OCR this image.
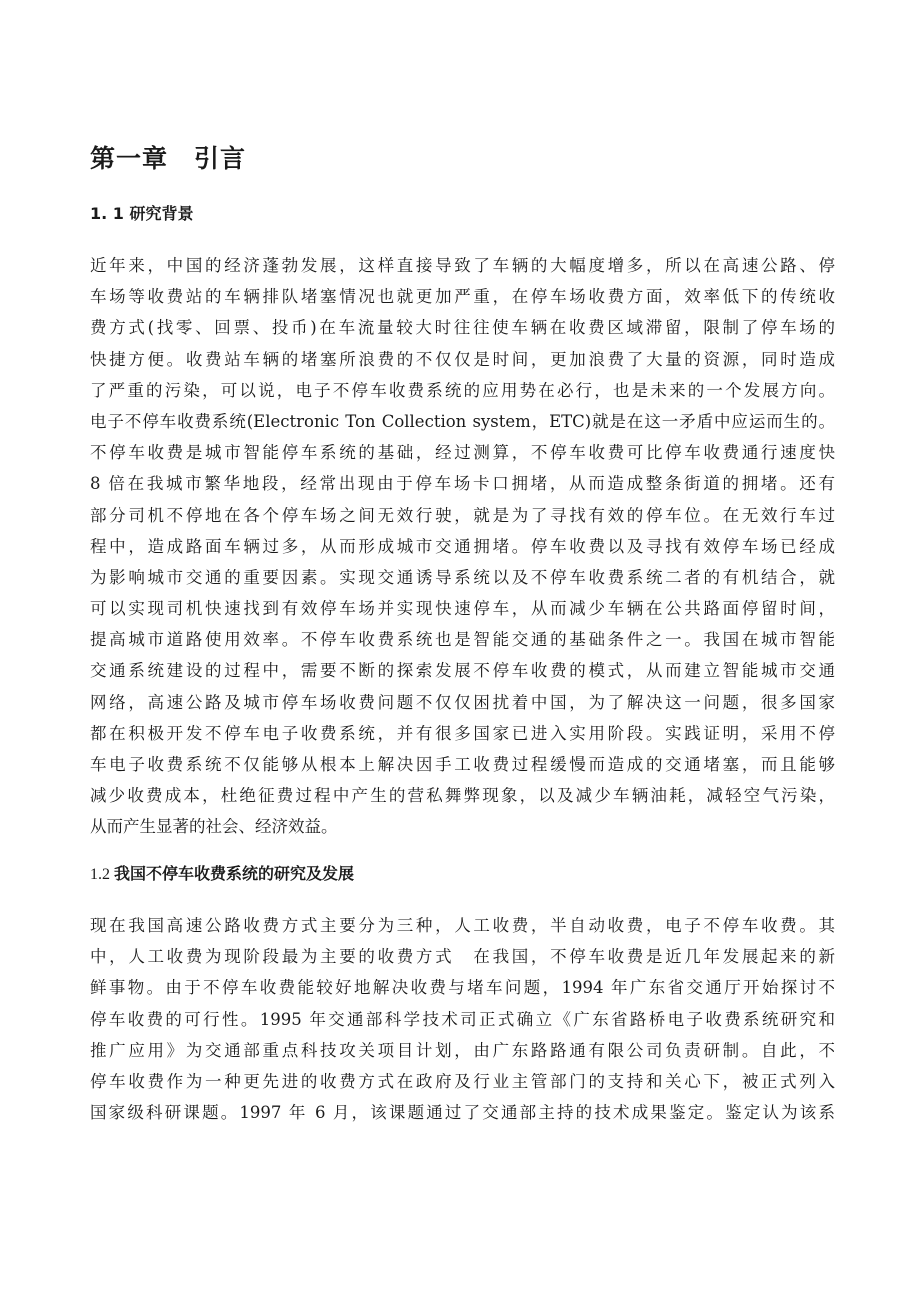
第一章　引言
1. 1 研究背景
近年来，中国的经济蓬勃发展，这样直接导致了车辆的大幅度增多，所以在高速公路、停
车场等收费站的车辆排队堵塞情况也就更加严重，在停车场收费方面，效率低下的传统收
费方式(找零、回票、投币)在车流量较大时往往使车辆在收费区域滞留，限制了停车场的
快捷方便。收费站车辆的堵塞所浪费的不仅仅是时间，更加浪费了大量的资源，同时造成
了严重的污染，可以说，电子不停车收费系统的应用势在必行，也是未来的一个发展方向。
电子不停车收费系统(Electronic Ton Collection system，ETC)就是在这一矛盾中应运而生的。
不停车收费是城市智能停车系统的基础，经过测算，不停车收费可比停车收费通行速度快
8 倍在我城市繁华地段，经常出现由于停车场卡口拥堵，从而造成整条街道的拥堵。还有
部分司机不停地在各个停车场之间无效行驶，就是为了寻找有效的停车位。在无效行车过
程中，造成路面车辆过多，从而形成城市交通拥堵。停车收费以及寻找有效停车场已经成
为影响城市交通的重要因素。实现交通诱导系统以及不停车收费系统二者的有机结合，就
可以实现司机快速找到有效停车场并实现快速停车，从而减少车辆在公共路面停留时间，
提高城市道路使用效率。不停车收费系统也是智能交通的基础条件之一。我国在城市智能
交通系统建设的过程中，需要不断的探索发展不停车收费的模式，从而建立智能城市交通
网络，高速公路及城市停车场收费问题不仅仅困扰着中国，为了解决这一问题，很多国家
都在积极开发不停车电子收费系统，并有很多国家已进入实用阶段。实践证明，采用不停
车电子收费系统不仅能够从根本上解决因手工收费过程缓慢而造成的交通堵塞，而且能够
减少收费成本，杜绝征费过程中产生的营私舞弊现象，以及减少车辆油耗，减轻空气污染，
从而产生显著的社会、经济效益。
1.2 我国不停车收费系统的研究及发展
现在我国高速公路收费方式主要分为三种，人工收费，半自动收费，电子不停车收费。其
中，人工收费为现阶段最为主要的收费方式　在我国，不停车收费是近几年发展起来的新
鲜事物。由于不停车收费能较好地解决收费与堵车问题，1994 年广东省交通厅开始探讨不
停车收费的可行性。1995 年交通部科学技术司正式确立《广东省路桥电子收费系统研究和
推广应用》为交通部重点科技攻关项目计划，由广东路路通有限公司负责研制。自此，不
停车收费作为一种更先进的收费方式在政府及行业主管部门的支持和关心下，被正式列入
国家级科研课题。1997 年 6 月，该课题通过了交通部主持的技术成果鉴定。鉴定认为该系
